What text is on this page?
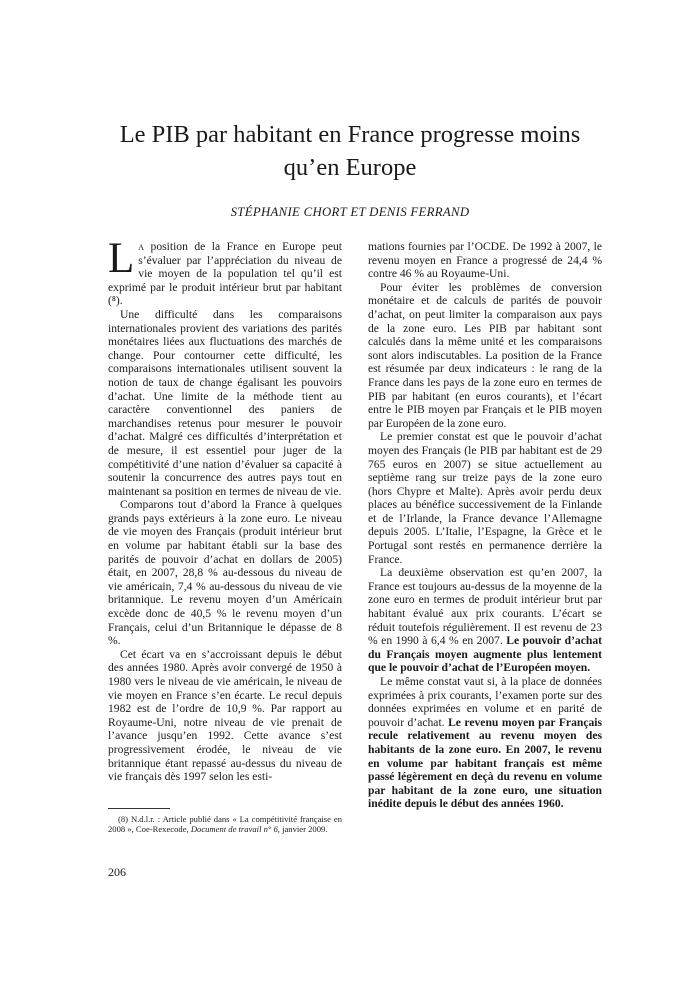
Le PIB par habitant en France progresse moins
qu’en Europe
STÉPHANIE CHORT ET DENIS FERRAND

La position de la France en Europe peut s’évaluer par l’appréciation du niveau de vie moyen de la population tel qu’il est exprimé par le produit intérieur brut par habitant (⁸).

Une difficulté dans les comparaisons internationales provient des variations des parités monétaires liées aux fluctuations des marchés de change. Pour contourner cette difficulté, les comparaisons internationales utilisent souvent la notion de taux de change égalisant les pouvoirs d’achat. Une limite de la méthode tient au caractère conventionnel des paniers de marchandises retenus pour mesurer le pouvoir d’achat. Malgré ces difficultés d’interprétation et de mesure, il est essentiel pour juger de la compétitivité d’une nation d’évaluer sa capacité à soutenir la concurrence des autres pays tout en maintenant sa position en termes de niveau de vie.

Comparons tout d’abord la France à quelques grands pays extérieurs à la zone euro. Le niveau de vie moyen des Français (produit intérieur brut en volume par habitant établi sur la base des parités de pouvoir d’achat en dollars de 2005) était, en 2007, 28,8 % au-dessous du niveau de vie américain, 7,4 % au-dessous du niveau de vie britannique. Le revenu moyen d’un Américain excède donc de 40,5 % le revenu moyen d’un Français, celui d’un Britannique le dépasse de 8 %.

Cet écart va en s’accroissant depuis le début des années 1980. Après avoir convergé de 1950 à 1980 vers le niveau de vie américain, le niveau de vie moyen en France s’en écarte. Le recul depuis 1982 est de l’ordre de 10,9 %. Par rapport au Royaume-Uni, notre niveau de vie prenait de l’avance jusqu’en 1992. Cette avance s’est progressivement érodée, le niveau de vie britannique étant repassé au-dessus du niveau de vie français dès 1997 selon les esti-

mations fournies par l’OCDE. De 1992 à 2007, le revenu moyen en France a progressé de 24,4 % contre 46 % au Royaume-Uni.

Pour éviter les problèmes de conversion monétaire et de calculs de parités de pouvoir d’achat, on peut limiter la comparaison aux pays de la zone euro. Les PIB par habitant sont calculés dans la même unité et les comparaisons sont alors indiscutables. La position de la France est résumée par deux indicateurs : le rang de la France dans les pays de la zone euro en termes de PIB par habitant (en euros courants), et l’écart entre le PIB moyen par Français et le PIB moyen par Européen de la zone euro.

Le premier constat est que le pouvoir d’achat moyen des Français (le PIB par habitant est de 29 765 euros en 2007) se situe actuellement au septième rang sur treize pays de la zone euro (hors Chypre et Malte). Après avoir perdu deux places au bénéfice successivement de la Finlande et de l’Irlande, la France devance l’Allemagne depuis 2005. L’Italie, l’Espagne, la Grèce et le Portugal sont restés en permanence derrière la France.

La deuxième observation est qu’en 2007, la France est toujours au-dessus de la moyenne de la zone euro en termes de produit intérieur brut par habitant évalué aux prix courants. L’écart se réduit toutefois régulièrement. Il est revenu de 23 % en 1990 à 6,4 % en 2007. Le pouvoir d’achat du Français moyen augmente plus lentement que le pouvoir d’achat de l’Européen moyen.

Le même constat vaut si, à la place de données exprimées à prix courants, l’examen porte sur des données exprimées en volume et en parité de pouvoir d’achat. Le revenu moyen par Français recule relativement au revenu moyen des habitants de la zone euro. En 2007, le revenu en volume par habitant français est même passé légèrement en deçà du revenu en volume par habitant de la zone euro, une situation inédite depuis le début des années 1960.

(8) N.d.l.r. : Article publié dans « La compétitivité française en 2008 », Coe-Rexecode, Document de travail n° 6, janvier 2009.

206
